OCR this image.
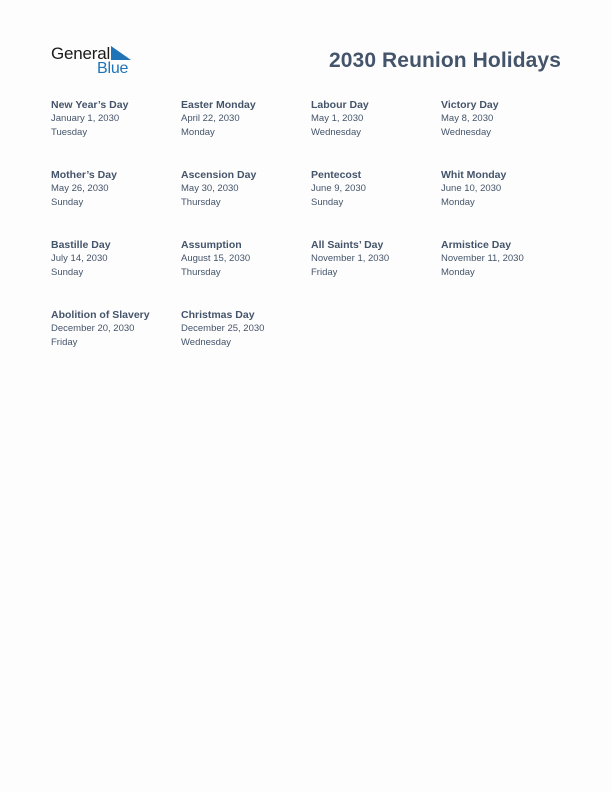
General
Blue	2030 Reunion Holidays
New Year’s Day
January 1, 2030
Tuesday
Easter Monday
April 22, 2030
Monday
Labour Day
May 1, 2030
Wednesday
Victory Day
May 8, 2030
Wednesday
Mother’s Day
May 26, 2030
Sunday
Ascension Day
May 30, 2030
Thursday
Pentecost
June 9, 2030
Sunday
Whit Monday
June 10, 2030
Monday
Bastille Day
July 14, 2030
Sunday
Assumption
August 15, 2030
Thursday
All Saints’ Day
November 1, 2030
Friday
Armistice Day
November 11, 2030
Monday
Abolition of Slavery
December 20, 2030
Friday
Christmas Day
December 25, 2030
Wednesday
